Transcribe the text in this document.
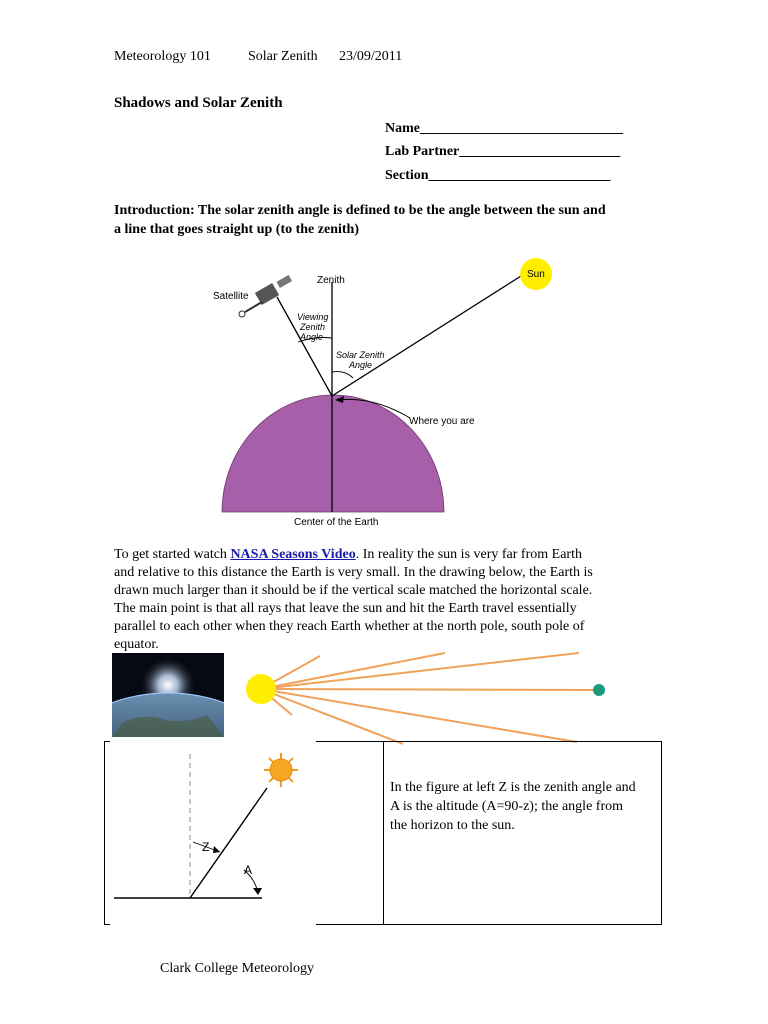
Meteorology 101	Solar Zenith 23/09/2011
Shadows and Solar Zenith
Name_____________________________
Lab Partner_______________________
Section__________________________
Introduction: The solar zenith angle is defined to be the angle between the sun and
a line that goes straight up (to the zenith)
Satellite
Zenith
Sun
Viewing
Zenith
Angle
Solar Zenith
Angle
Where you are
Center of the Earth
To get started watch NASA Seasons Video. In reality the sun is very far from Earth
and relative to this distance the Earth is very small. In the drawing below, the Earth is
drawn much larger than it should be if the vertical scale matched the horizontal scale.
The main point is that all rays that leave the sun and hit the Earth travel essentially
parallel to each other when they reach Earth whether at the north pole, south pole of
equator.
In the figure at left Z is the zenith angle and
A is the altitude (A=90-z); the angle from
the horizon to the sun.
Z
A
Clark College Meteorology
